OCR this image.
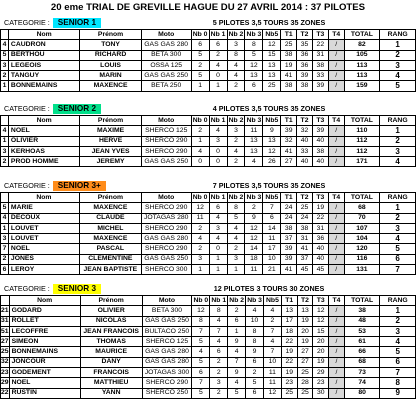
20 eme TRIAL DE GREVILLE HAGUE DU 27 AVRIL 2014 : 37 PILOTES
CATEGORIE : SENIOR 1	5 PILOTES 3,5 TOURS 35 ZONES
	Nom	Prénom	Moto	Nb 0	Nb 1	Nb 2	Nb 3	Nb5	T1	T2	T3	T4	TOTAL	RANG
4	CAUDRON	TONY	GAS GAS 280	6	6	3	8	12	25	35	22	/	82	1
5	BERTHOU	RICHARD	BETA 300	5	2	8	5	15	38	36	31	/	105	2
3	LEGEOIS	LOUIS	OSSA 125	2	4	4	12	13	19	36	38	/	113	3
2	TANGUY	MARIN	GAS GAS 250	5	0	4	13	13	41	39	33	/	113	4
1	BONNEMAINS	MAXENCE	BETA 250	1	1	2	6	25	38	38	39	/	159	5
CATEGORIE : SENIOR 2	4 PILOTES 3,5 TOURS 35 ZONES
	Nom	Prénom	Moto	Nb 0	Nb 1	Nb 2	Nb 3	Nb5	T1	T2	T3	T4	TOTAL	RANG
4	NOEL	MAXIME	SHERCO 125	2	4	3	11	9	39	32	39	/	110	1
1	OLIVIER	HERVE	SHERCO 290	1	3	2	13	13	32	40	40	/	112	2
3	KERHOAS	JEAN YVES	SHERCO 290	4	0	4	13	12	41	33	38	/	112	3
2	PROD HOMME	JEREMY	GAS GAS 250	0	0	2	4	26	27	40	40	/	171	4
CATEGORIE : SENIOR 3+	7 PILOTES 3,5 TOURS 35 ZONES
	Nom	Prénom	Moto	Nb 0	Nb 1	Nb 2	Nb 3	Nb5	T1	T2	T3	T4	TOTAL	RANG
5	MARIE	MAXENCE	SHERCO 290	12	6	8	2	7	24	25	19	/	68	1
4	DECOUX	CLAUDE	JOTAGAS 280	11	4	5	9	6	24	24	22	/	70	2
1	LOUVET	MICHEL	SHERCO 290	2	3	4	12	14	38	38	31	/	107	3
3	LOUVET	MAXENCE	GAS GAS 280	4	4	4	12	11	37	31	36	/	104	4
7	NOEL	PASCAL	SHERCO 290	2	0	2	14	17	39	41	40	/	120	5
2	JONES	CLEMENTINE	GAS GAS 250	3	1	3	18	10	39	37	40	/	116	6
6	LEROY	JEAN BAPTISTE	SHERCO 300	1	1	1	11	21	41	45	45	/	131	7
CATEGORIE : SENIOR 3	12 PILOTES 3 TOURS 30 ZONES
	Nom	Prénom	Moto	Nb 0	Nb 1	Nb 2	Nb 3	Nb5	T1	T2	T3	T4	TOTAL	RANG
21	GODARD	OLIVIER	BETA 300	12	8	2	4	4	13	13	12	/	38	1
31	ROLLET	NICOLAS	GAS GAS 250	8	4	6	10	2	17	19	12	/	48	2
51	LECOFFRE	JEAN FRANCOIS	BULTACO 250	7	7	1	8	7	18	20	15	/	53	3
27	SIMEON	THOMAS	SHERCO 125	5	4	9	8	4	22	19	20	/	61	4
25	BONNEMAINS	MAURICE	GAS GAS 280	4	6	4	9	7	19	27	20	/	66	5
32	JONCOUR	DANY	GAS GAS 280	5	2	7	6	10	22	27	19	/	68	6
23	GODEMENT	FRANCOIS	JOTAGAS 300	6	2	9	2	11	19	25	29	/	73	7
29	NOEL	MATTHIEU	SHERCO 290	7	3	4	5	11	23	28	23	/	74	8
22	RUSTIN	YANN	SHERCO 250	5	2	5	6	12	25	25	30	/	80	9
